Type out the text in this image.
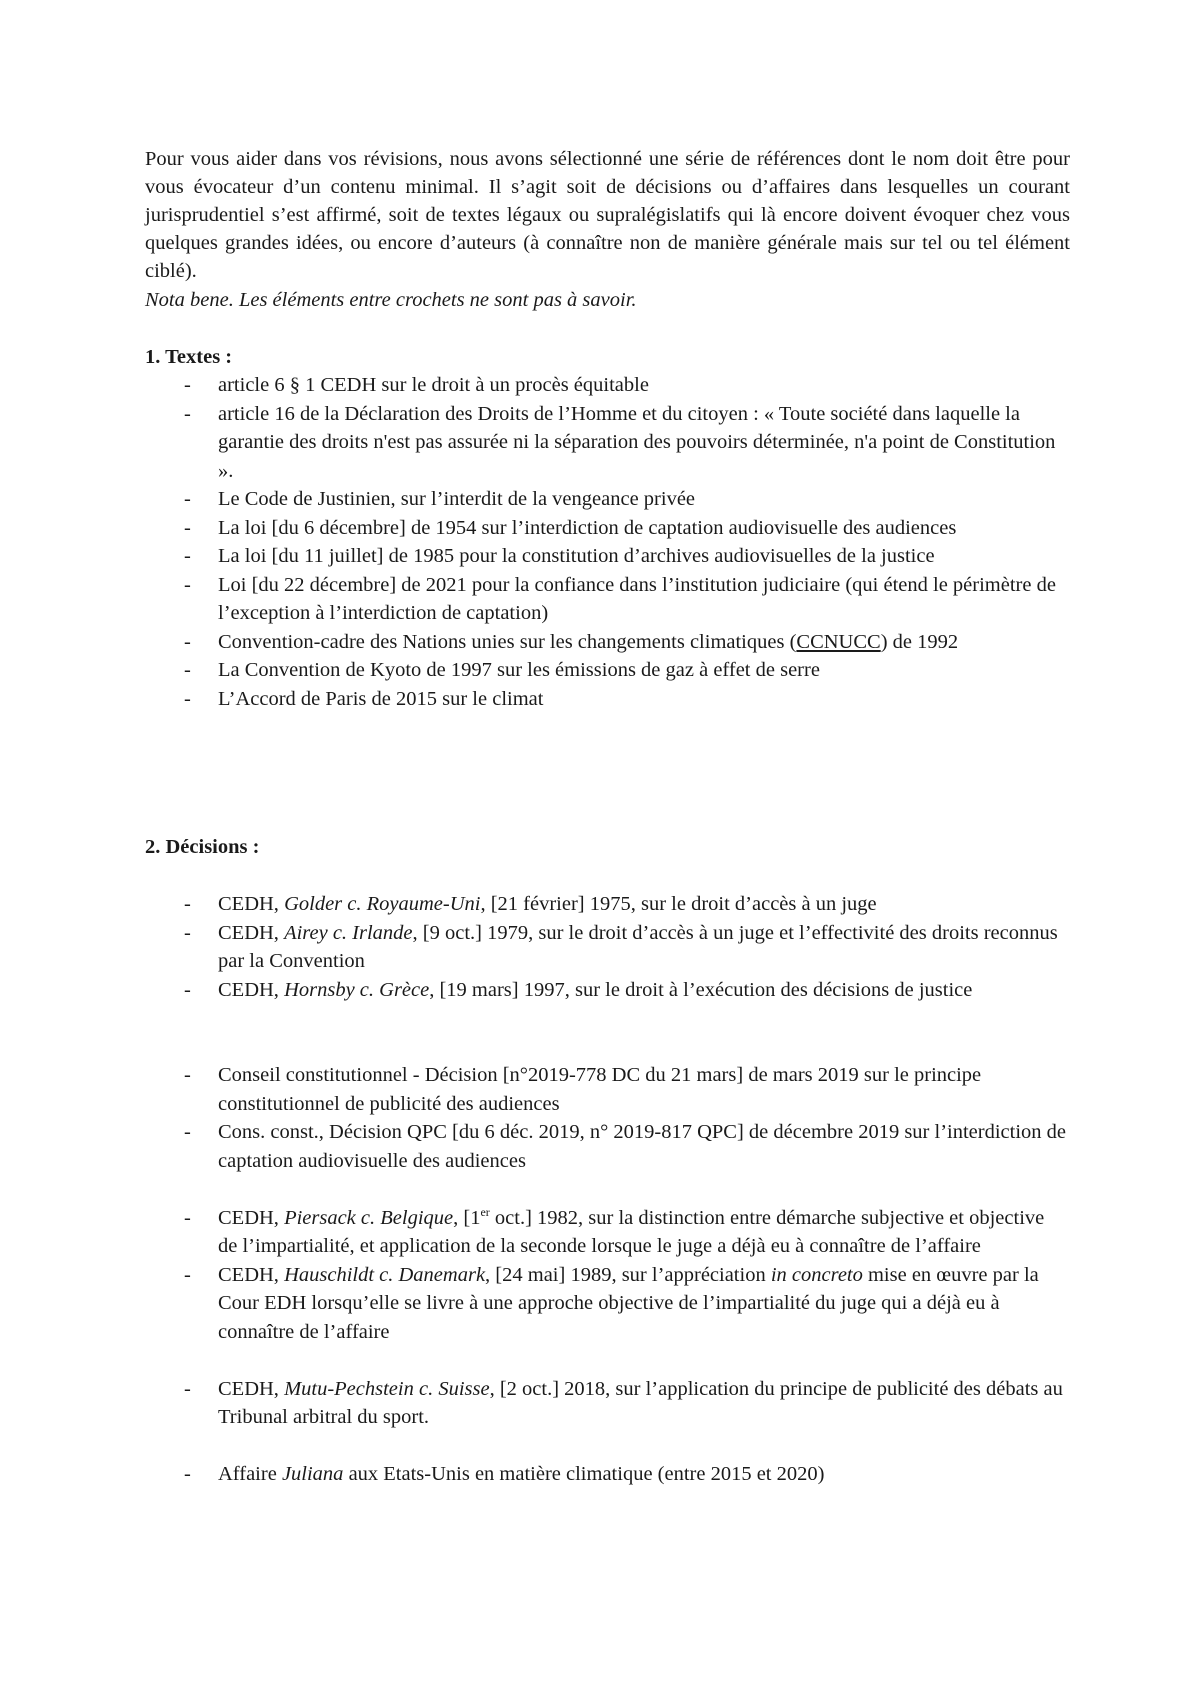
Pour vous aider dans vos révisions, nous avons sélectionné une série de références dont le nom doit être pour vous évocateur d’un contenu minimal. Il s’agit soit de décisions ou d’affaires dans lesquelles un courant jurisprudentiel s’est affirmé, soit de textes légaux ou supralégislatifs qui là encore doivent évoquer chez vous quelques grandes idées, ou encore d’auteurs (à connaître non de manière générale mais sur tel ou tel élément ciblé).

Nota bene. Les éléments entre crochets ne sont pas à savoir.

1. Textes :

- article 6 § 1 CEDH sur le droit à un procès équitable
- article 16 de la Déclaration des Droits de l’Homme et du citoyen : « Toute société dans laquelle la garantie des droits n'est pas assurée ni la séparation des pouvoirs déterminée, n'a point de Constitution ».
- Le Code de Justinien, sur l’interdit de la vengeance privée
- La loi [du 6 décembre] de 1954 sur l’interdiction de captation audiovisuelle des audiences
- La loi [du 11 juillet] de 1985 pour la constitution d’archives audiovisuelles de la justice
- Loi [du 22 décembre] de 2021 pour la confiance dans l’institution judiciaire (qui étend le périmètre de l’exception à l’interdiction de captation)
- Convention-cadre des Nations unies sur les changements climatiques (CCNUCC) de 1992
- La Convention de Kyoto de 1997 sur les émissions de gaz à effet de serre
- L’Accord de Paris de 2015 sur le climat

2. Décisions :

- CEDH, Golder c. Royaume-Uni, [21 février] 1975, sur le droit d’accès à un juge
- CEDH, Airey c. Irlande, [9 oct.] 1979, sur le droit d’accès à un juge et l’effectivité des droits reconnus par la Convention
- CEDH, Hornsby c. Grèce, [19 mars] 1997, sur le droit à l’exécution des décisions de justice
- Conseil constitutionnel - Décision [n°2019-778 DC du 21 mars] de mars 2019 sur le principe constitutionnel de publicité des audiences
- Cons. const., Décision QPC [du 6 déc. 2019, n° 2019-817 QPC] de décembre 2019 sur l’interdiction de captation audiovisuelle des audiences
- CEDH, Piersack c. Belgique, [1er oct.] 1982, sur la distinction entre démarche subjective et objective de l’impartialité, et application de la seconde lorsque le juge a déjà eu à connaître de l’affaire
- CEDH, Hauschildt c. Danemark, [24 mai] 1989, sur l’appréciation in concreto mise en œuvre par la Cour EDH lorsqu’elle se livre à une approche objective de l’impartialité du juge qui a déjà eu à connaître de l’affaire
- CEDH, Mutu-Pechstein c. Suisse, [2 oct.] 2018, sur l’application du principe de publicité des débats au Tribunal arbitral du sport.
- Affaire Juliana aux Etats-Unis en matière climatique (entre 2015 et 2020)
